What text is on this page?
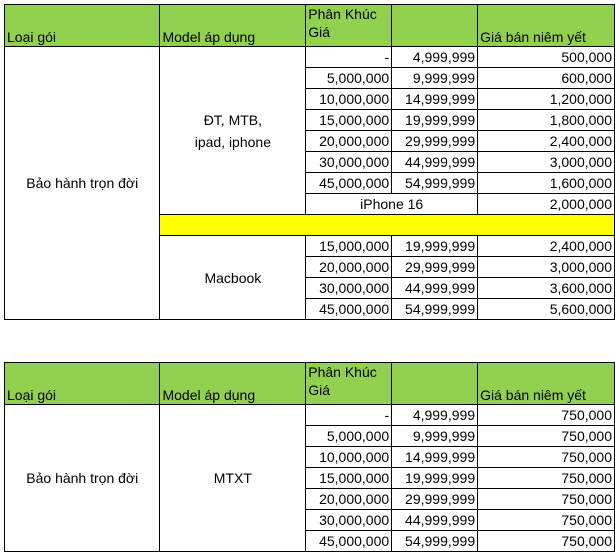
Loại gói	Model áp dụng	Phân Khúc Giá		Giá bán niêm yết
Bảo hành trọn đời	ĐT, MTB, ipad, iphone	-	4,999,999	500,000
		5,000,000	9,999,999	600,000
		10,000,000	14,999,999	1,200,000
		15,000,000	19,999,999	1,800,000
		20,000,000	29,999,999	2,400,000
		30,000,000	44,999,999	3,000,000
		45,000,000	54,999,999	1,600,000
		iPhone 16		2,000,000

	Macbook	15,000,000	19,999,999	2,400,000
		20,000,000	29,999,999	3,000,000
		30,000,000	44,999,999	3,600,000
		45,000,000	54,999,999	5,600,000
Loại gói	Model áp dụng	Phân Khúc Giá		Giá bán niêm yết
Bảo hành trọn đời	MTXT	-	4,999,999	750,000
		5,000,000	9,999,999	750,000
		10,000,000	14,999,999	750,000
		15,000,000	19,999,999	750,000
		20,000,000	29,999,999	750,000
		30,000,000	44,999,999	750,000
		45,000,000	54,999,999	750,000
